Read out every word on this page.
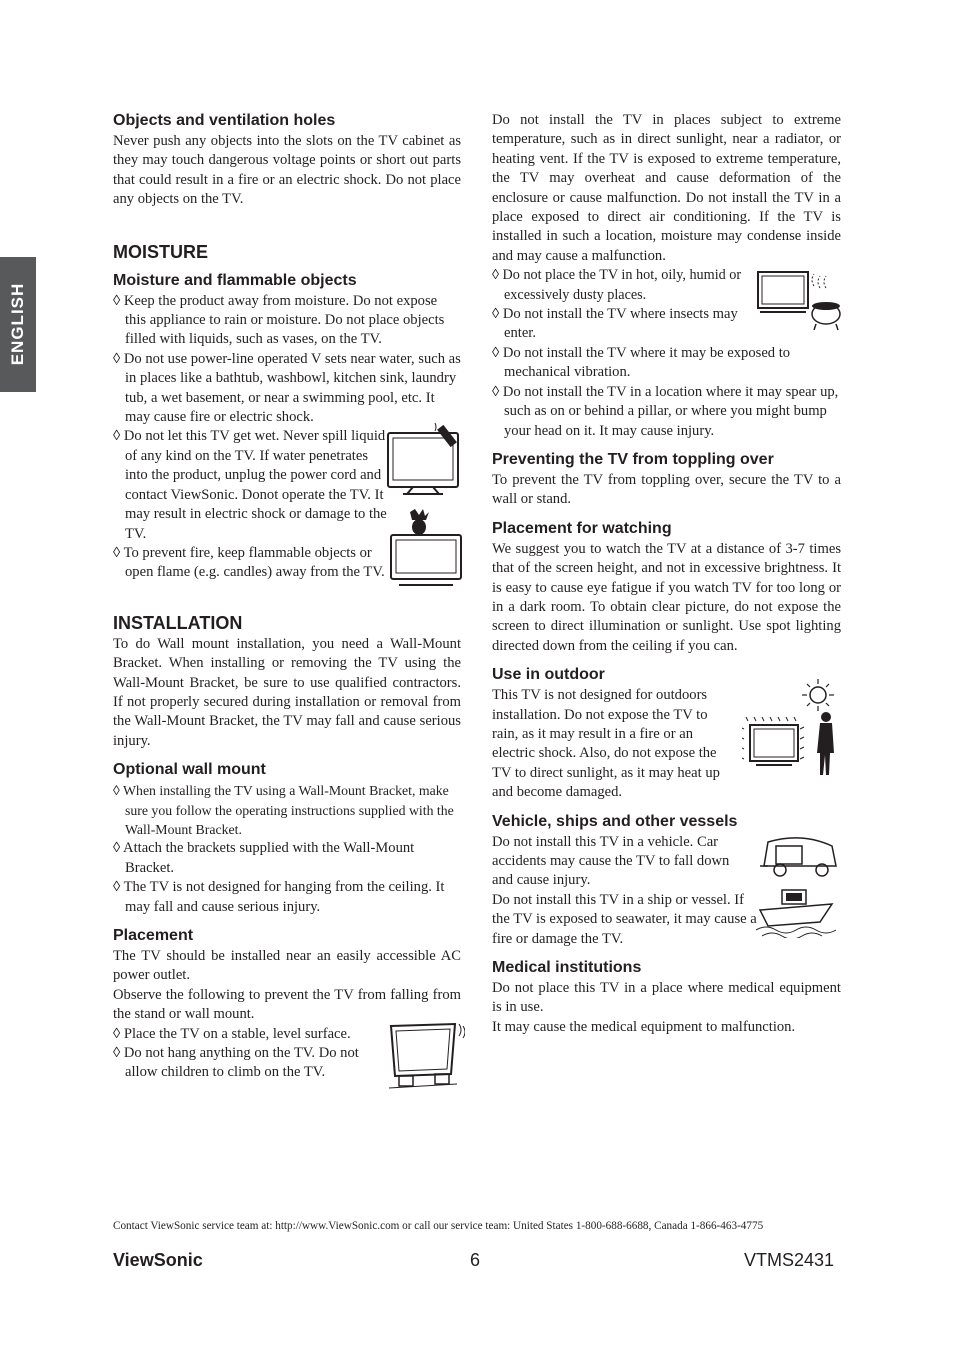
ENGLISH
Objects and ventilation holes

Never push any objects into the slots on the TV cabinet as they may touch dangerous voltage points or short out parts that could result in a fire or an electric shock. Do not place any objects on the TV.

MOISTURE
Moisture and flammable objects

◊ Keep the product away from moisture. Do not expose this appliance to rain or moisture. Do not place objects filled with liquids, such as vases, on the TV.

◊ Do not use power-line operated V sets near water, such as in places like a bathtub, washbowl, kitchen sink, laundry tub, a wet basement, or near a swimming pool, etc. It may cause fire or electric shock.

◊ Do not let this TV get wet. Never spill liquid of any kind on the TV. If water penetrates into the product, unplug the power cord and contact ViewSonic. Donot operate the TV. It may result in electric shock or damage to the TV.

◊ To prevent fire, keep flammable objects or open flame (e.g. candles) away from the TV.

INSTALLATION

To do Wall mount installation, you need a Wall-Mount Bracket. When installing or removing the TV using the Wall-Mount Bracket, be sure to use qualified contractors. If not properly secured during installation or removal from the Wall-Mount Bracket, the TV may fall and cause serious injury.

Optional wall mount

◊ When installing the TV using a Wall-Mount Bracket, make sure you follow the operating instructions supplied with the Wall-Mount Bracket.

◊ Attach the brackets supplied with the Wall-Mount Bracket.

◊ The TV is not designed for hanging from the ceiling. It may fall and cause serious injury.

Placement

The TV should be installed near an easily accessible AC power outlet.

Observe the following to prevent the TV from falling from the stand or wall mount.

◊ Place the TV on a stable, level surface.

◊ Do not hang anything on the TV. Do not allow children to climb on the TV.

Do not install the TV in places subject to extreme temperature, such as in direct sunlight, near a radiator, or heating vent. If the TV is exposed to extreme temperature, the TV may overheat and cause deformation of the enclosure or cause malfunction. Do not install the TV in a place exposed to direct air conditioning. If the TV is installed in such a location, moisture may condense inside and may cause a malfunction.

◊ Do not place the TV in hot, oily, humid or excessively dusty places.

◊ Do not install the TV where insects may enter.

◊ Do not install the TV where it may be exposed to mechanical vibration.

◊ Do not install the TV in a location where it may spear up, such as on or behind a pillar, or where you might bump your head on it. It may cause injury.

Preventing the TV from toppling over

To prevent the TV from toppling over, secure the TV to a wall or stand.

Placement for watching

We suggest you to watch the TV at a distance of 3-7 times that of the screen height, and not in excessive brightness. It is easy to cause eye fatigue if you watch TV for too long or in a dark room. To obtain clear picture, do not expose the screen to direct illumination or sunlight. Use spot lighting directed down from the ceiling if you can.

Use in outdoor

This TV is not designed for outdoors installation. Do not expose the TV to rain, as it may result in a fire or an electric shock. Also, do not expose the TV to direct sunlight, as it may heat up and become damaged.

Vehicle, ships and other vessels

Do not install this TV in a vehicle. Car accidents may cause the TV to fall down and cause injury.

Do not install this TV in a ship or vessel. If the TV is exposed to seawater, it may cause a fire or damage the TV.

Medical institutions

Do not place this TV in a place where medical equipment is in use.

It may cause the medical equipment to malfunction.

Contact ViewSonic service team at: http://www.ViewSonic.com or call our service team: United States 1-800-688-6688, Canada 1-866-463-4775
ViewSonic	6	VTMS2431
